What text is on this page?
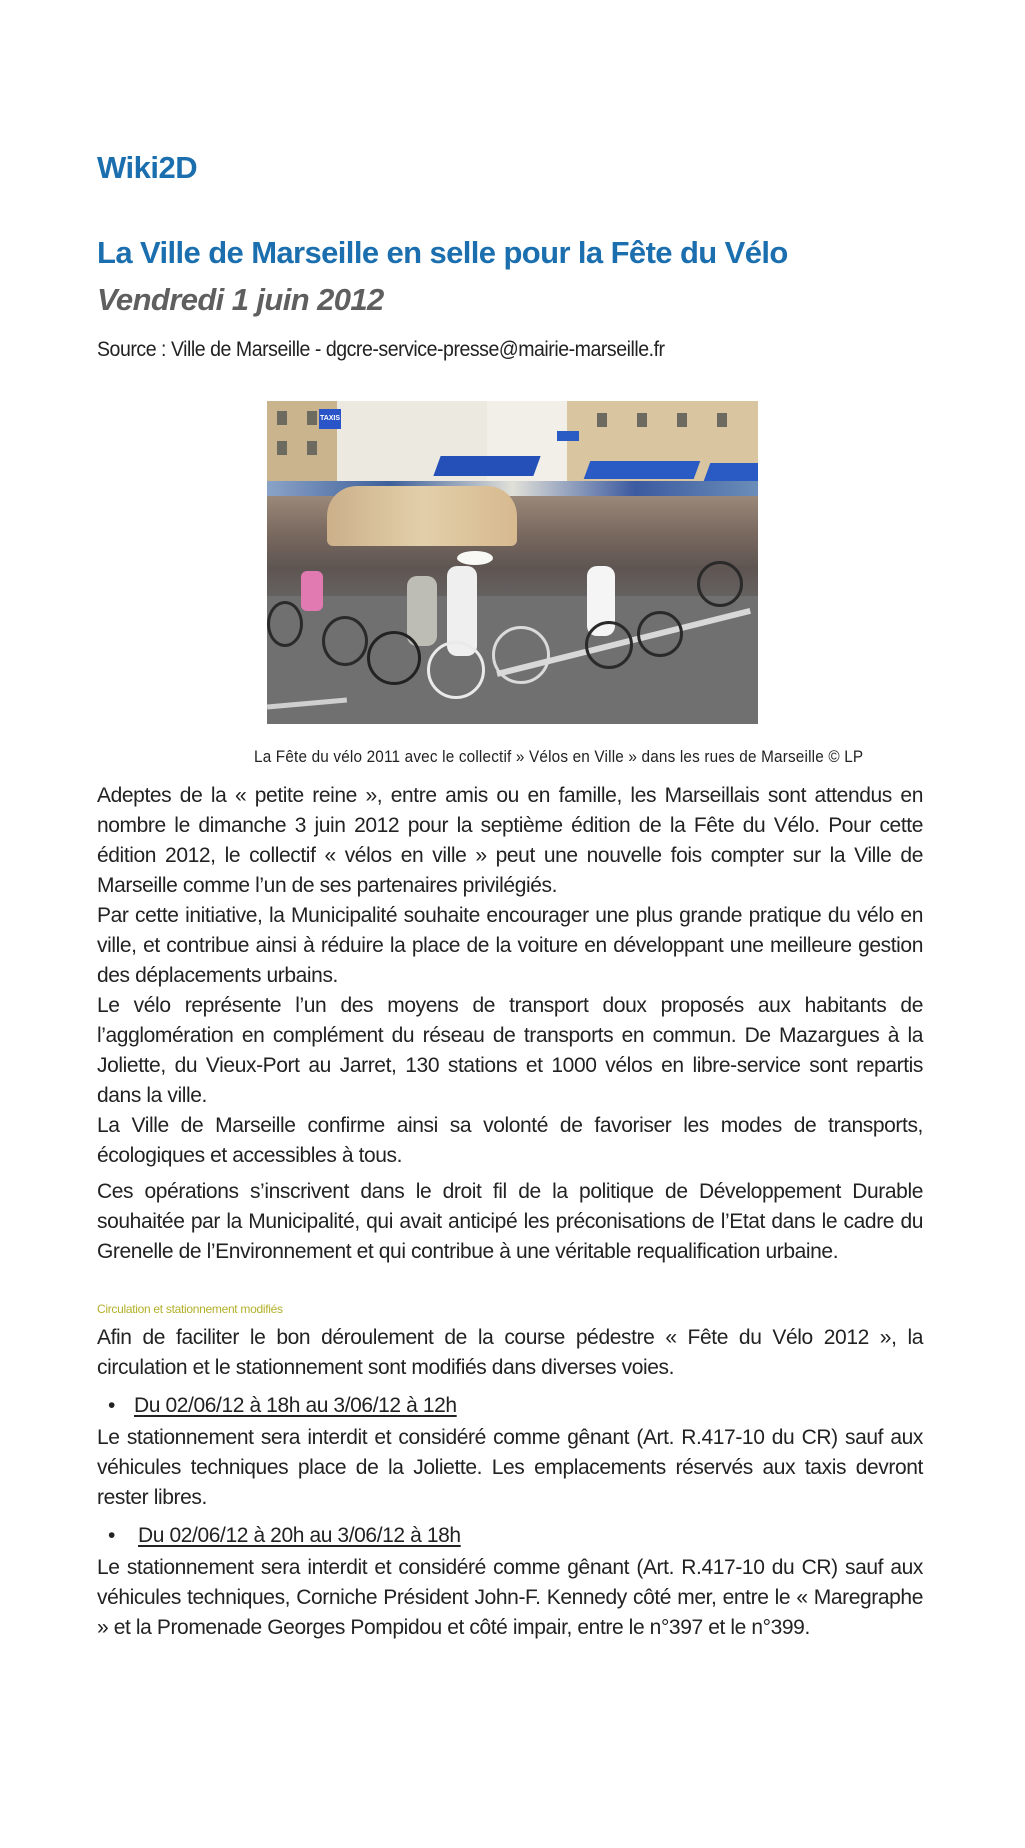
Wiki2D
La Ville de Marseille en selle pour la Fête du Vélo
Vendredi 1 juin 2012
Source : Ville de Marseille - dgcre-service-presse@mairie-marseille.fr
TAXIS
La Fête du vélo 2011 avec le collectif » Vélos en Ville » dans les rues de Marseille © LP

Adeptes de la « petite reine », entre amis ou en famille, les Marseillais sont attendus en nombre le dimanche 3 juin 2012 pour la septième édition de la Fête du Vélo. Pour cette édition 2012, le collectif « vélos en ville » peut une nouvelle fois compter sur la Ville de Marseille comme l’un de ses partenaires privilégiés.

Par cette initiative, la Municipalité souhaite encourager une plus grande pratique du vélo en ville, et contribue ainsi à réduire la place de la voiture en développant une meilleure gestion des déplacements urbains.

Le vélo représente l’un des moyens de transport doux proposés aux habitants de l’agglomération en complément du réseau de transports en commun. De Mazargues à la Joliette, du Vieux-Port au Jarret, 130 stations et 1000 vélos en libre-service sont repartis dans la ville.

La Ville de Marseille confirme ainsi sa volonté de favoriser les modes de transports, écologiques et accessibles à tous.

Ces opérations s’inscrivent dans le droit fil de la politique de Développement Durable souhaitée par la Municipalité, qui avait anticipé les préconisations de l’Etat dans le cadre du Grenelle de l’Environnement et qui contribue à une véritable requalification urbaine.

Circulation et stationnement modifiés

Afin de faciliter le bon déroulement de la course pédestre « Fête du Vélo 2012 », la circulation et le stationnement sont modifiés dans diverses voies.

• Du 02/06/12 à 18h au 3/06/12 à 12h

Le stationnement sera interdit et considéré comme gênant (Art. R.417-10 du CR) sauf aux véhicules techniques place de la Joliette. Les emplacements réservés aux taxis devront rester libres.

• Du 02/06/12 à 20h au 3/06/12 à 18h

Le stationnement sera interdit et considéré comme gênant (Art. R.417-10 du CR) sauf aux véhicules techniques, Corniche Président John-F. Kennedy côté mer, entre le « Maregraphe » et la Promenade Georges Pompidou et côté impair, entre le n°397 et le n°399.
